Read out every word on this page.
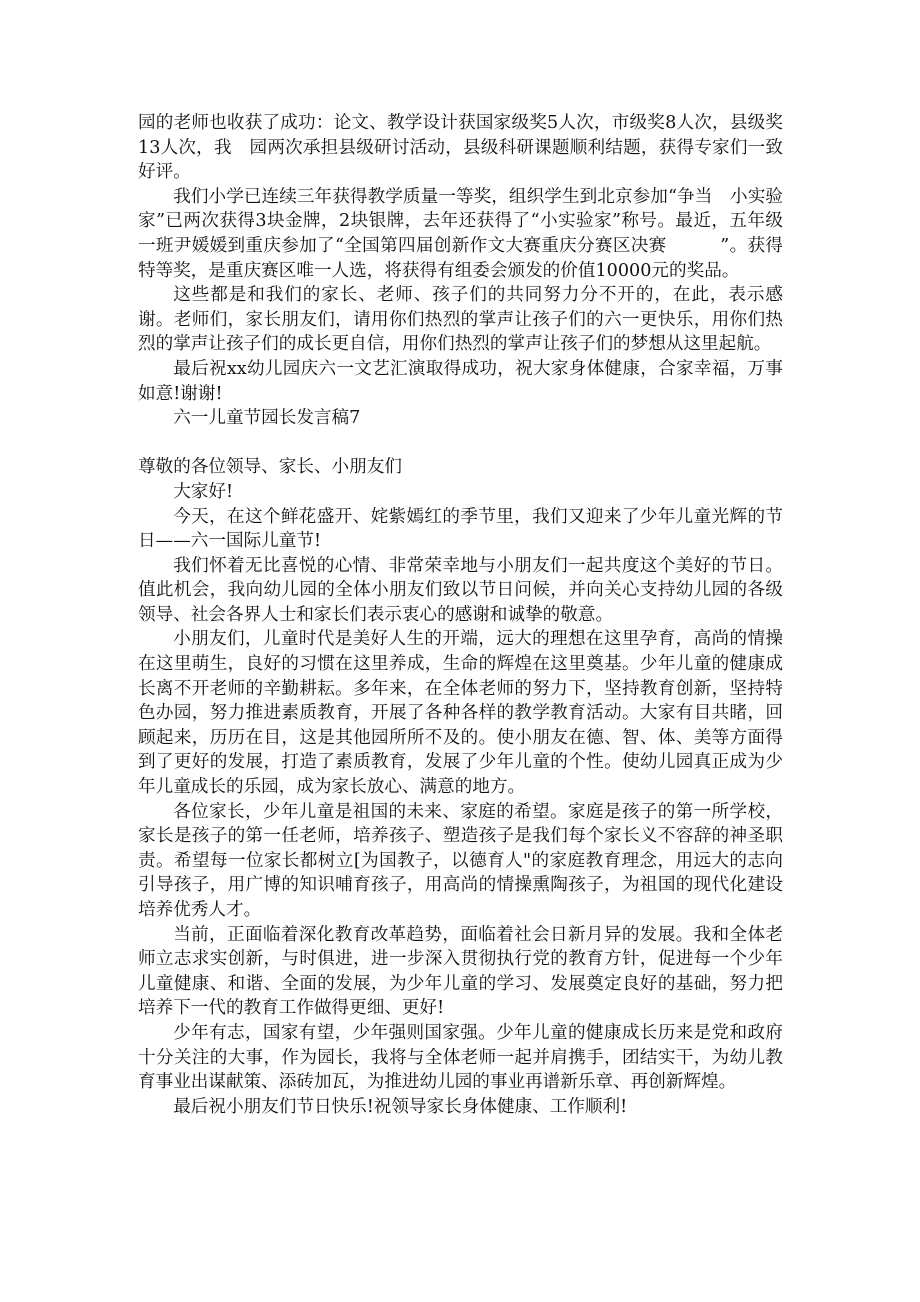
园的老师也收获了成功：论文、教学设计获国家级奖5人次，市级奖8人次，县级奖13人次，我　园两次承担县级研讨活动，县级科研课题顺利结题，获得专家们一致好评。

我们小学已连续三年获得教学质量一等奖，组织学生到北京参加“争当　小实验家”已两次获得3块金牌，2块银牌，去年还获得了“小实验家”称号。最近，五年级一班尹媛媛到重庆参加了“全国第四届创新作文大赛重庆分赛区决赛　　　”。获得特等奖，是重庆赛区唯一人选，将获得有组委会颁发的价值10000元的奖品。

这些都是和我们的家长、老师、孩子们的共同努力分不开的，在此，表示感谢。老师们，家长朋友们，请用你们热烈的掌声让孩子们的六一更快乐，用你们热烈的掌声让孩子们的成长更自信，用你们热烈的掌声让孩子们的梦想从这里起航。

最后祝xx幼儿园庆六一文艺汇演取得成功，祝大家身体健康，合家幸福，万事如意!谢谢!

六一儿童节园长发言稿7

尊敬的各位领导、家长、小朋友们

大家好!

今天，在这个鲜花盛开、姹紫嫣红的季节里，我们又迎来了少年儿童光辉的节日——六一国际儿童节!

我们怀着无比喜悦的心情、非常荣幸地与小朋友们一起共度这个美好的节日。值此机会，我向幼儿园的全体小朋友们致以节日问候，并向关心支持幼儿园的各级领导、社会各界人士和家长们表示衷心的感谢和诚挚的敬意。

小朋友们，儿童时代是美好人生的开端，远大的理想在这里孕育，高尚的情操在这里萌生，良好的习惯在这里养成，生命的辉煌在这里奠基。少年儿童的健康成长离不开老师的辛勤耕耘。多年来，在全体老师的努力下，坚持教育创新，坚持特色办园，努力推进素质教育，开展了各种各样的教学教育活动。大家有目共睹，回顾起来，历历在目，这是其他园所所不及的。使小朋友在德、智、体、美等方面得到了更好的发展，打造了素质教育，发展了少年儿童的个性。使幼儿园真正成为少年儿童成长的乐园，成为家长放心、满意的地方。

各位家长，少年儿童是祖国的未来、家庭的希望。家庭是孩子的第一所学校，家长是孩子的第一任老师，培养孩子、塑造孩子是我们每个家长义不容辞的神圣职责。希望每一位家长都树立[为国教子，以德育人"的家庭教育理念，用远大的志向引导孩子，用广博的知识哺育孩子，用高尚的情操熏陶孩子，为祖国的现代化建设培养优秀人才。

当前，正面临着深化教育改革趋势，面临着社会日新月异的发展。我和全体老师立志求实创新，与时俱进，进一步深入贯彻执行党的教育方针，促进每一个少年儿童健康、和谐、全面的发展，为少年儿童的学习、发展奠定良好的基础，努力把培养下一代的教育工作做得更细、更好!

少年有志，国家有望，少年强则国家强。少年儿童的健康成长历来是党和政府十分关注的大事，作为园长，我将与全体老师一起并肩携手，团结实干，为幼儿教育事业出谋献策、添砖加瓦，为推进幼儿园的事业再谱新乐章、再创新辉煌。

最后祝小朋友们节日快乐!祝领导家长身体健康、工作顺利!
